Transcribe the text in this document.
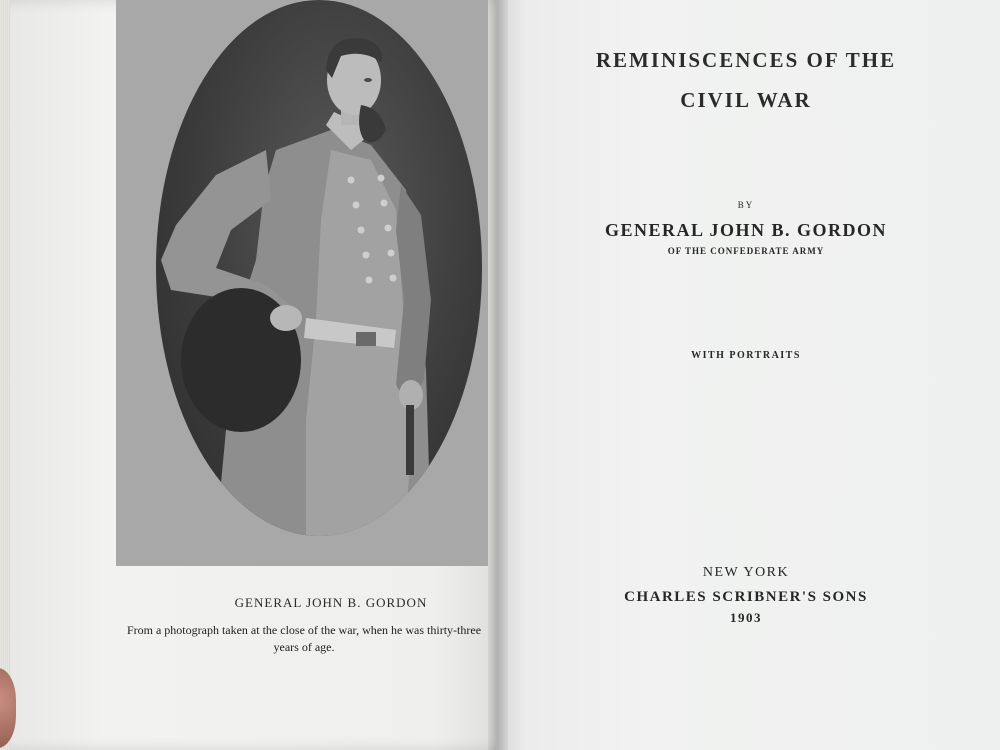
GENERAL JOHN B. GORDON
From a photograph taken at the close of the war, when he was thirty-three years of age.
REMINISCENCES OF THE
CIVIL WAR
BY
GENERAL JOHN B. GORDON
OF THE CONFEDERATE ARMY
WITH PORTRAITS
NEW YORK
CHARLES SCRIBNER'S SONS
1903
